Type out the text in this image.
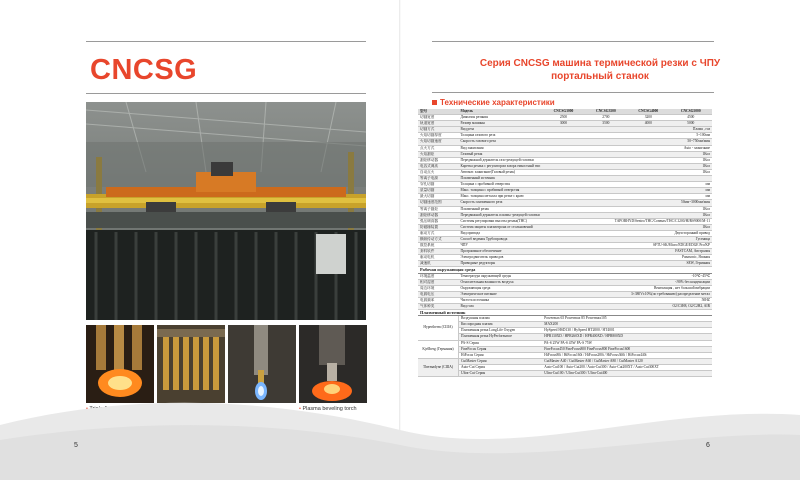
CNCSG
• Plasma beveling torch
Серия CNCSG машина термической резки с ЧПУ
портальный станок
Технические характеристики
型号	Модель	CNCSG3000	CNCSG3500	CNCSG4000	CNCSG5000
切割宽度	Диапазон резания	2500	2700	3200	4500
轨道宽度	Размер машины	3000	3500	4000	5000
切割方式	Вид реза	Пламя , газ			
火焰切割厚度	Толщина газового реза	5~100мм			
火焰切割速度	Скорость газового реза	50~750мм/мин			
点火方式	Вид зажигания	Auto - зажигание			
火焰割炬	Газовый резак	1Кол			
割炬移动器	Передвижной держатель газо-режущей головки	1Кол			
电容式调高	Каретка резака с регулятором зазора емкостный тип	1Кол			
自动点火	Автомат. зажигание(Газовый резак)	1Кол			
等离子电源	Плазменный источник				
穿孔切割	Толщина с пробивкой отверстия	мм			
质量切割	Макс. толщина с пробивкой отверстия	мм			
最大切割	Макс. толщина металла при резке с краю	мм			
切割速度范围	Скорость плазменного реза	50мм~3000мм/мин			
等离子割炬	Плазменный резак	1Кол			
割炬移动器	Передвижной держатель плазмы -режущей головки	1Кол			
弧压调高器	Системы регулировки высоты резака(THC)	TAPORHYD/Sentro/THC/Conmax/THC/C1200/HJRS9000/M-11			
防碰撞装置	Система защиты плазмотрона от столкновений	1Кол			
驱动方式	Вид привода	Двухсторонний привод			
横纵传动方式	Способ ведения Трубопровода	Гусеница			
数控系统	ЧПУ	SFTU-SK/Micro/EDGE/EDGE Pro/KP			
套料软件	Программное обеспечение	FASTCAM, Австралия			
驱动电机	Электродвигатель приводов	Panasonic, Япония			
减速机	Приводные редукторы	SEW, Германия			
Рабочая окружающая среда					
环境温度	Температура окружающей среды	-10℃~45℃			
相对湿度	Относительная влажность воздуха	<90% без конденсации			
周边环境	Окружающая среда	Вентиляция , нет большой вибрации			
电源电压	Электрическое питание	3×380V±10%(по требованию) распределение метал			
电源频率	Частота источника	50HZ			
气体种类	Вид газа	O2/C3H8, O2/C2H2, AIR			
Плазменный источник					
Hypertherm (США)	Воздушная плазма	Powermax 65 Powermax 85 Powermax105			
	Кислородная плазма	MAX200			
	Плазменная резка LongLife Oxygen	HySpeed HSD130 / HySpeed HT2000 / HT4001			
	Плазменная резка HyPerformance	HPR130XD / HPR260XD / HPR400XD / HPR800XD			
Kjellberg (Германия)	PA-S Серия	PA-S 25W PA-S 45W PA-S 75W			
	FineFocus Серия	FineFocus450 FineFocus800 FineFocus800 FineFocus1600			
	HiFocus Серия	HiFocus80i / HiFocus160i / HiFocus280i / HiFocus360i / HiFocus440i			
Thermadyne (США)	CutMaster Серия	CutMaster A40 / CutMaster A60 / CutMaster A80 / CutMaster A120			
	Auto-Cut Серия	Auto-Cut100 / Auto-Cut200 / Auto-Cut300 / Auto-Cut200XT / Auto-Cut300XT			
	Ultra-Cut Серия	Ultra-Cut100 / Ultra-Cut300 / Ultra-Cut400			
5	6
